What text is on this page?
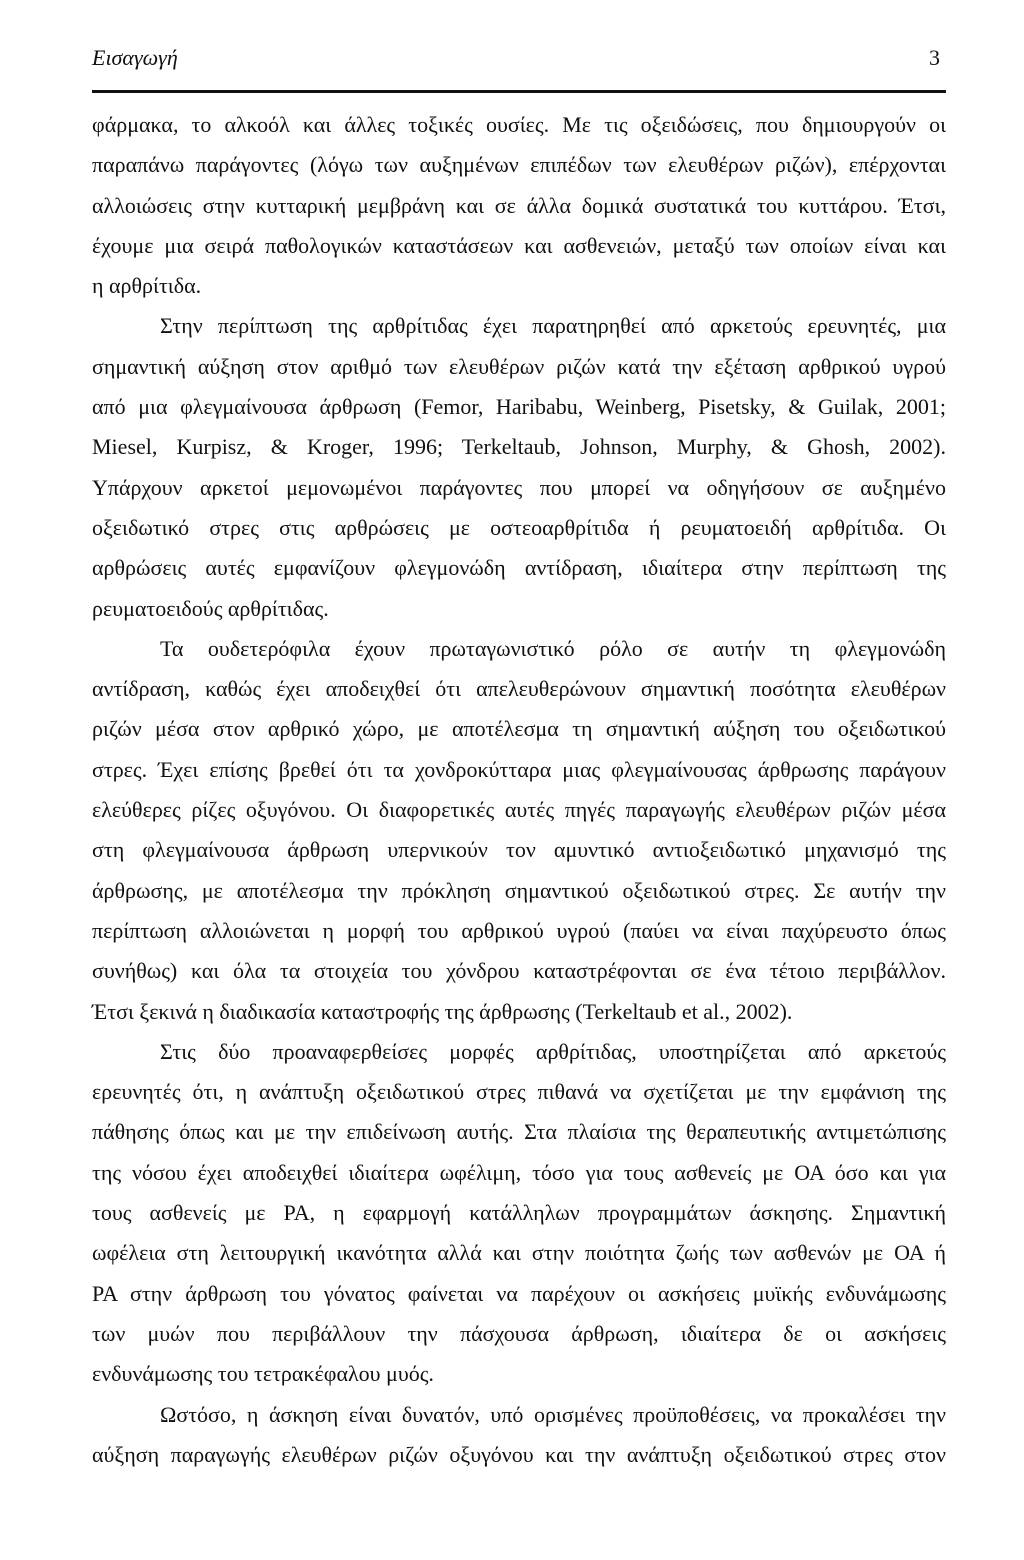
Εισαγωγή	3
φάρμακα, το αλκοόλ και άλλες τοξικές ουσίες. Με τις οξειδώσεις, που δημιουργούν οι
παραπάνω παράγοντες (λόγω των αυξημένων επιπέδων των ελευθέρων ριζών), επέρχονται
αλλοιώσεις στην κυτταρική μεμβράνη και σε άλλα δομικά συστατικά του κυττάρου. Έτσι,
έχουμε μια σειρά παθολογικών καταστάσεων και ασθενειών, μεταξύ των οποίων είναι και
η αρθρίτιδα.
Στην περίπτωση της αρθρίτιδας έχει παρατηρηθεί από αρκετούς ερευνητές, μια
σημαντική αύξηση στον αριθμό των ελευθέρων ριζών κατά την εξέταση αρθρικού υγρού
από μια φλεγμαίνουσα άρθρωση (Femor, Haribabu, Weinberg, Pisetsky, & Guilak, 2001;
Miesel, Kurpisz, & Kroger, 1996; Terkeltaub, Johnson, Murphy, & Ghosh, 2002).
Υπάρχουν αρκετοί μεμονωμένοι παράγοντες που μπορεί να οδηγήσουν σε αυξημένο
οξειδωτικό στρες στις αρθρώσεις με οστεοαρθρίτιδα ή ρευματοειδή αρθρίτιδα. Οι
αρθρώσεις αυτές εμφανίζουν φλεγμονώδη αντίδραση, ιδιαίτερα στην περίπτωση της
ρευματοειδούς αρθρίτιδας.
Τα ουδετερόφιλα έχουν πρωταγωνιστικό ρόλο σε αυτήν τη φλεγμονώδη
αντίδραση, καθώς έχει αποδειχθεί ότι απελευθερώνουν σημαντική ποσότητα ελευθέρων
ριζών μέσα στον αρθρικό χώρο, με αποτέλεσμα τη σημαντική αύξηση του οξειδωτικού
στρες. Έχει επίσης βρεθεί ότι τα χονδροκύτταρα μιας φλεγμαίνουσας άρθρωσης παράγουν
ελεύθερες ρίζες οξυγόνου. Οι διαφορετικές αυτές πηγές παραγωγής ελευθέρων ριζών μέσα
στη φλεγμαίνουσα άρθρωση υπερνικούν τον αμυντικό αντιοξειδωτικό μηχανισμό της
άρθρωσης, με αποτέλεσμα την πρόκληση σημαντικού οξειδωτικού στρες. Σε αυτήν την
περίπτωση αλλοιώνεται η μορφή του αρθρικού υγρού (παύει να είναι παχύρευστο όπως
συνήθως) και όλα τα στοιχεία του χόνδρου καταστρέφονται σε ένα τέτοιο περιβάλλον.
Έτσι ξεκινά η διαδικασία καταστροφής της άρθρωσης (Terkeltaub et al., 2002).
Στις δύο προαναφερθείσες μορφές αρθρίτιδας, υποστηρίζεται από αρκετούς
ερευνητές ότι, η ανάπτυξη οξειδωτικού στρες πιθανά να σχετίζεται με την εμφάνιση της
πάθησης όπως και με την επιδείνωση αυτής. Στα πλαίσια της θεραπευτικής αντιμετώπισης
της νόσου έχει αποδειχθεί ιδιαίτερα ωφέλιμη, τόσο για τους ασθενείς με ΟΑ όσο και για
τους ασθενείς με ΡΑ, η εφαρμογή κατάλληλων προγραμμάτων άσκησης. Σημαντική
ωφέλεια στη λειτουργική ικανότητα αλλά και στην ποιότητα ζωής των ασθενών με ΟΑ ή
ΡΑ στην άρθρωση του γόνατος φαίνεται να παρέχουν οι ασκήσεις μυϊκής ενδυνάμωσης
των μυών που περιβάλλουν την πάσχουσα άρθρωση, ιδιαίτερα δε οι ασκήσεις
ενδυνάμωσης του τετρακέφαλου μυός.
Ωστόσο, η άσκηση είναι δυνατόν, υπό ορισμένες προϋποθέσεις, να προκαλέσει την
αύξηση παραγωγής ελευθέρων ριζών οξυγόνου και την ανάπτυξη οξειδωτικού στρες στον
